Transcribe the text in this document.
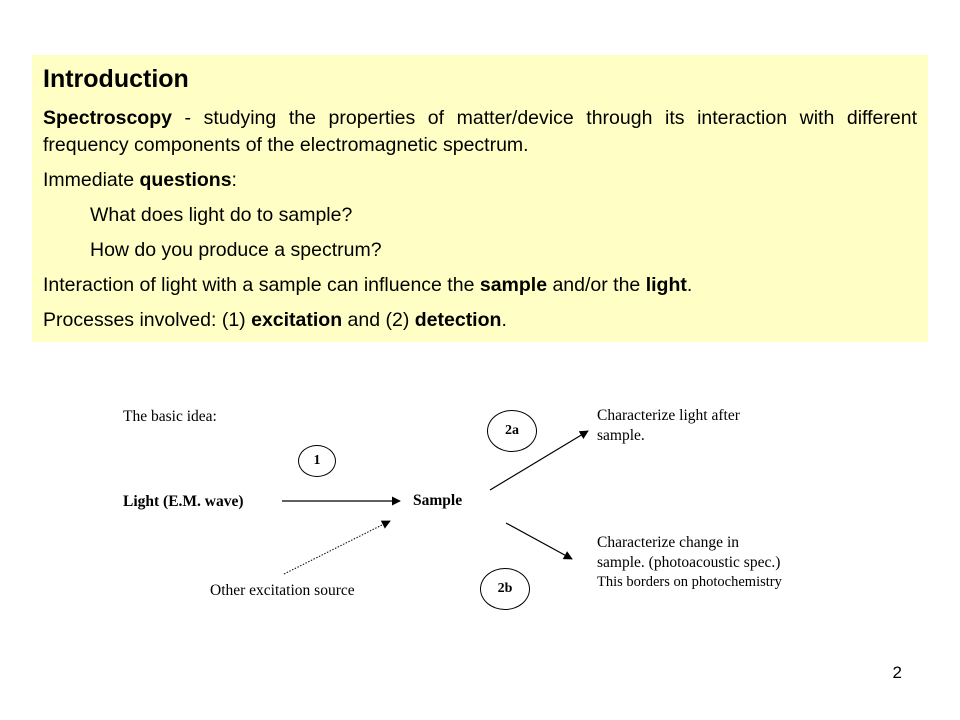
Introduction

Spectroscopy - studying the properties of matter/device through its interaction with different frequency components of the electromagnetic spectrum.

Immediate questions:

What does light do to sample?

How do you produce a spectrum?

Interaction of light with a sample can influence the sample and/or the light.

Processes involved: (1) excitation and (2) detection.

The basic idea:
1
Light (E.M. wave)	Sample
Other excitation source
2a
2b
Characterize light after
sample.
Characterize change in
sample. (photoacoustic spec.)
This borders on photochemistry
2
